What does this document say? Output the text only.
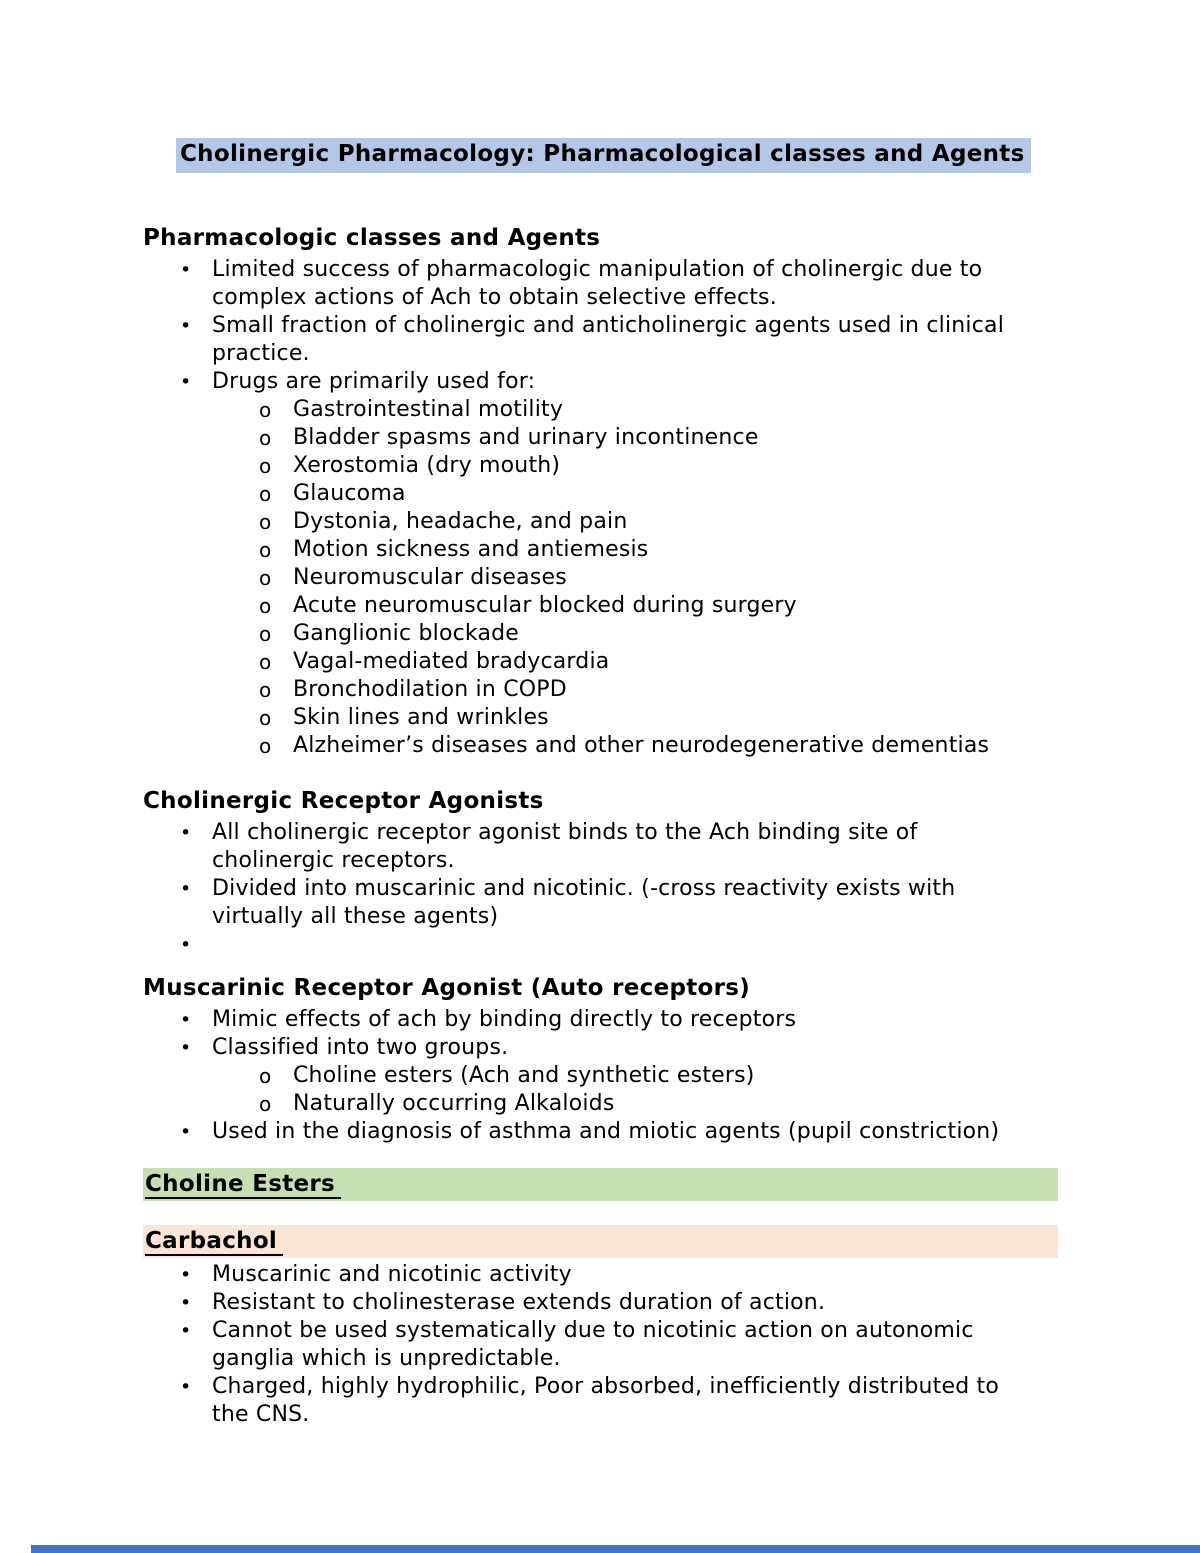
Cholinergic Pharmacology: Pharmacological classes and Agents
Pharmacologic classes and Agents
• Limited success of pharmacologic manipulation of cholinergic due to
complex actions of Ach to obtain selective effects.
• Small fraction of cholinergic and anticholinergic agents used in clinical
practice.
• Drugs are primarily used for:
o Gastrointestinal motility
o Bladder spasms and urinary incontinence
o Xerostomia (dry mouth)
o Glaucoma
o Dystonia, headache, and pain
o Motion sickness and antiemesis
o Neuromuscular diseases
o Acute neuromuscular blocked during surgery
o Ganglionic blockade
o Vagal-mediated bradycardia
o Bronchodilation in COPD
o Skin lines and wrinkles
o Alzheimer’s diseases and other neurodegenerative dementias
Cholinergic Receptor Agonists
• All cholinergic receptor agonist binds to the Ach binding site of
cholinergic receptors.
• Divided into muscarinic and nicotinic. (-cross reactivity exists with
virtually all these agents)
•
Muscarinic Receptor Agonist (Auto receptors)
• Mimic effects of ach by binding directly to receptors
• Classified into two groups.
o Choline esters (Ach and synthetic esters)
o Naturally occurring Alkaloids
• Used in the diagnosis of asthma and miotic agents (pupil constriction)
Choline Esters
Carbachol
• Muscarinic and nicotinic activity
• Resistant to cholinesterase extends duration of action.
• Cannot be used systematically due to nicotinic action on autonomic
ganglia which is unpredictable.
• Charged, highly hydrophilic, Poor absorbed, inefficiently distributed to
the CNS.
